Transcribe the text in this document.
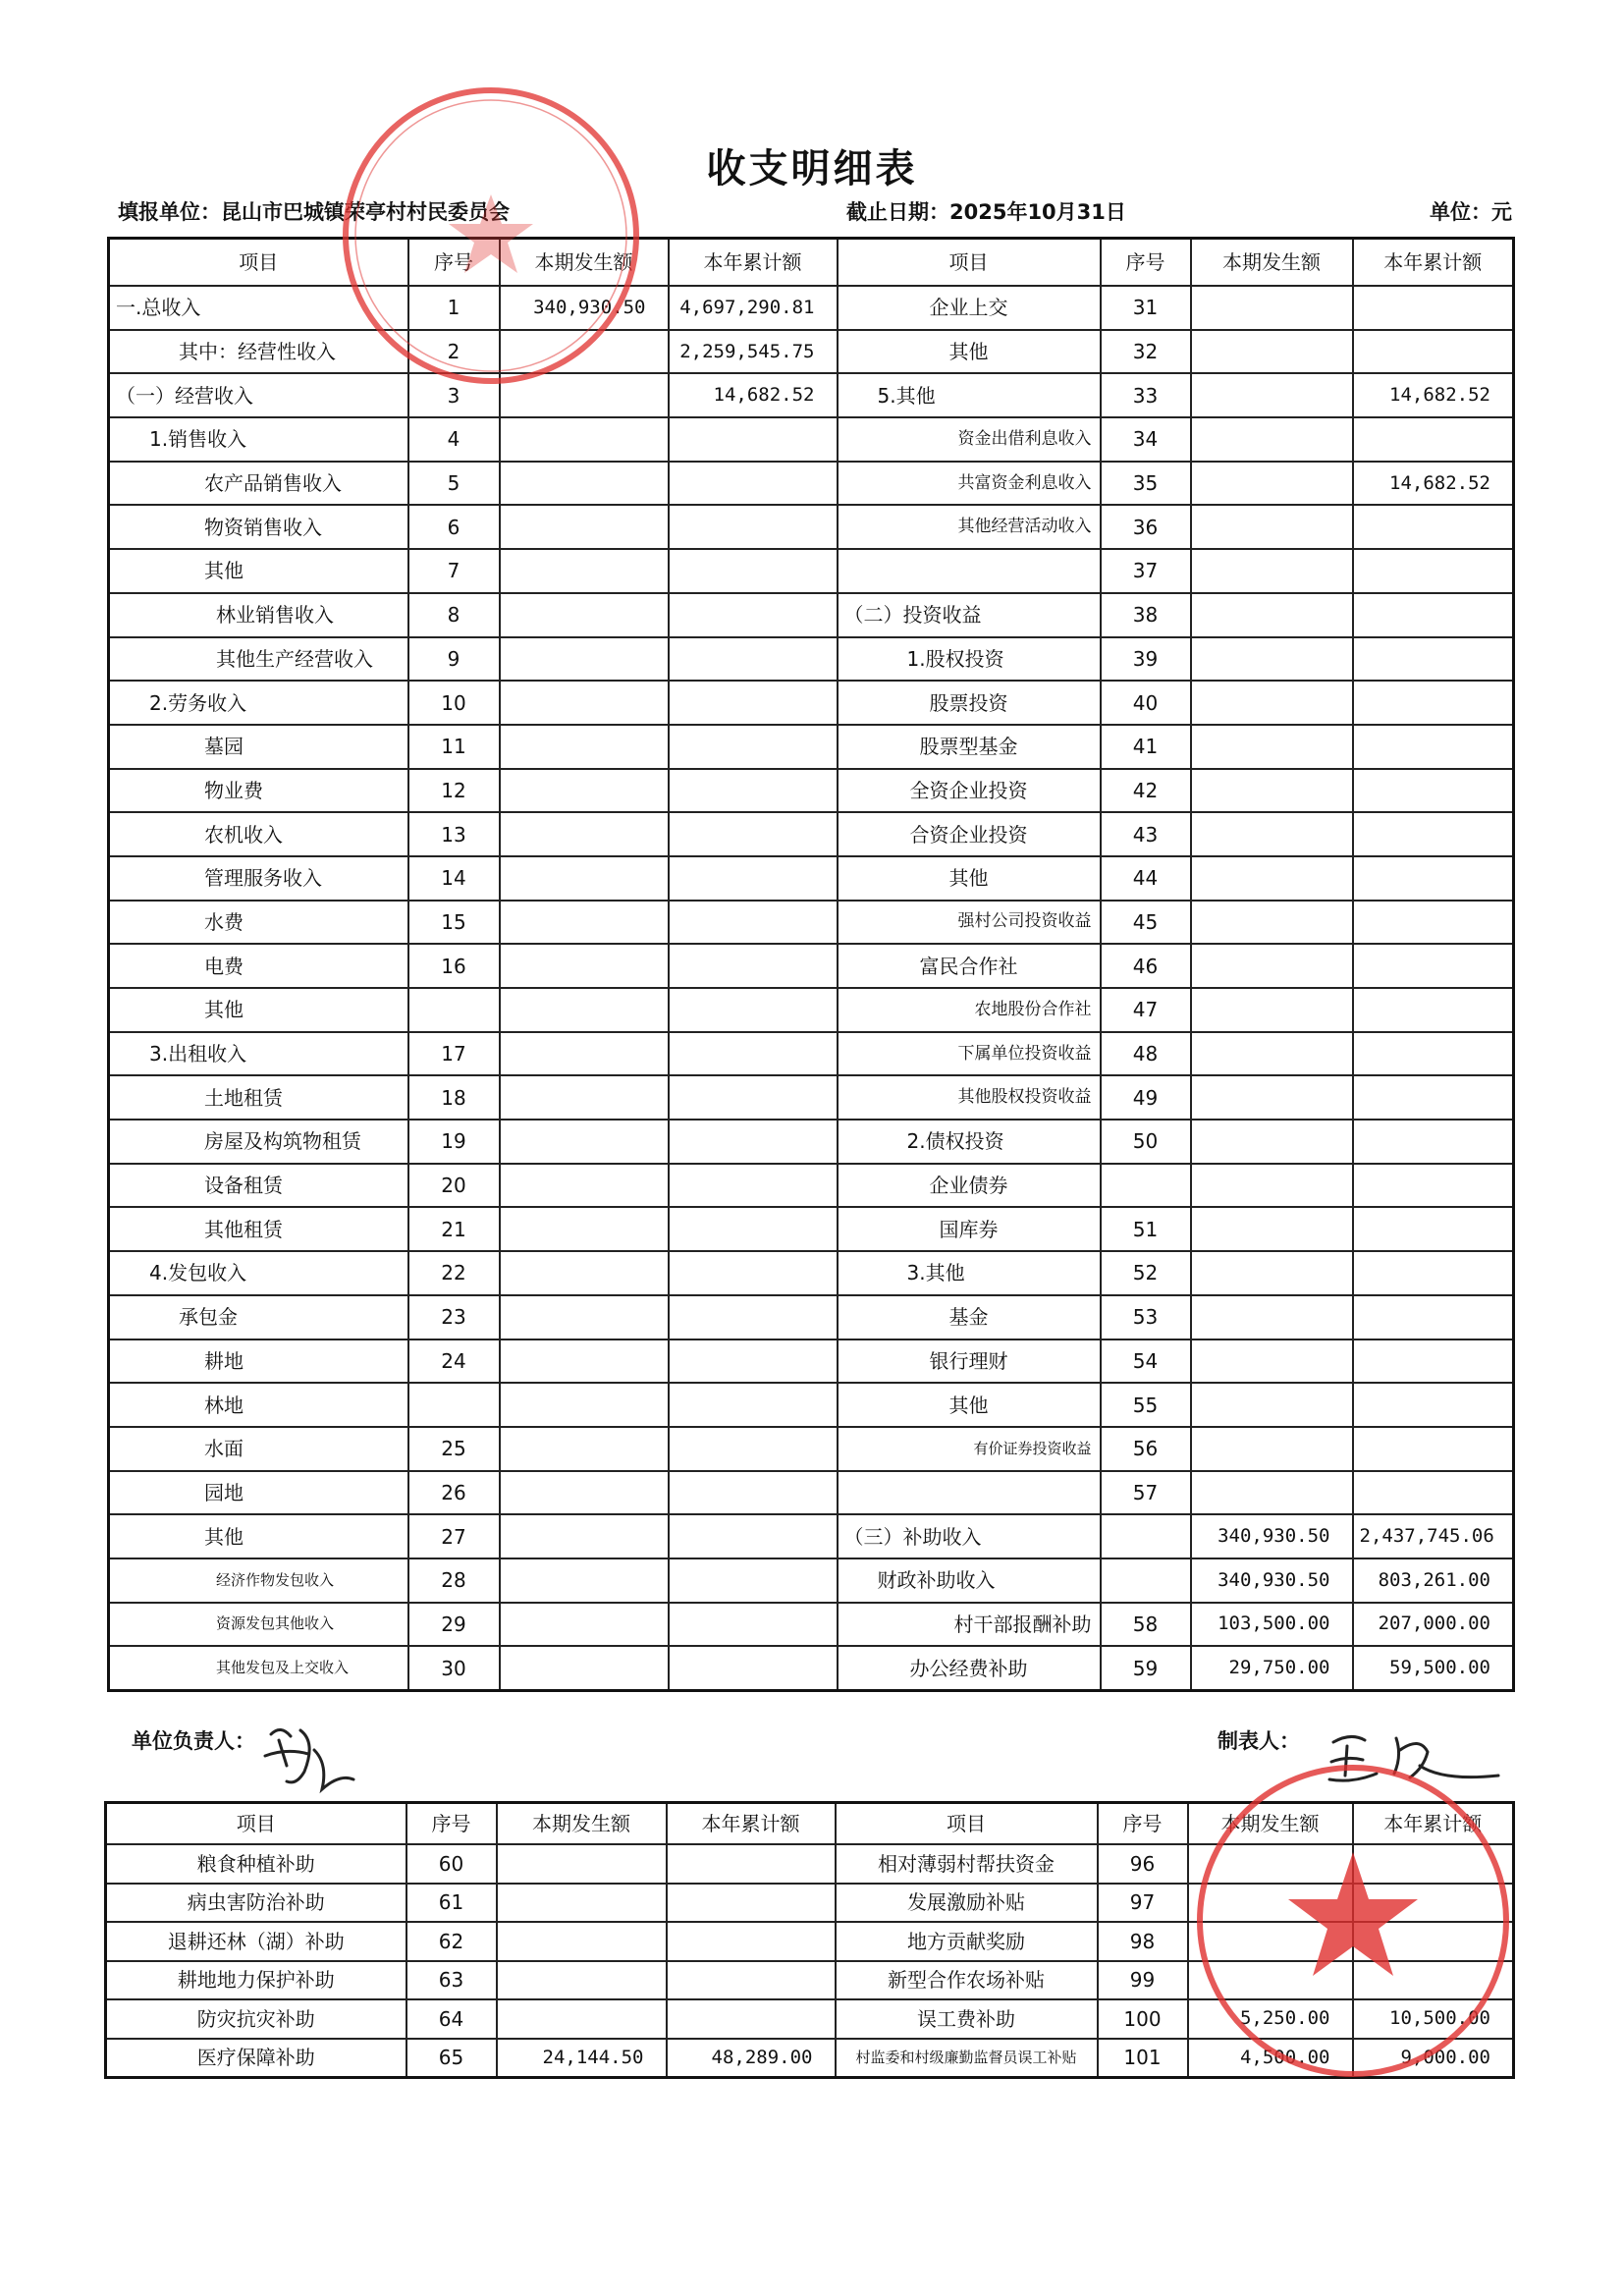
收支明细表
填报单位：昆山市巴城镇荣亭村村民委员会	截止日期：2025年10月31日	单位：元
项目	序号	本期发生额	本年累计额	项目	序号	本期发生额	本年累计额
一.总收入	1	340,930.50	4,697,290.81	企业上交	31		
其中：经营性收入	2		2,259,545.75	其他	32		
（一）经营收入	3		14,682.52	5.其他	33		14,682.52
1.销售收入	4			资金出借利息收入	34		
农产品销售收入	5			共富资金利息收入	35		14,682.52
物资销售收入	6			其他经营活动收入	36		
其他	7				37		
林业销售收入	8			（二）投资收益	38		
其他生产经营收入	9			1.股权投资	39		
2.劳务收入	10			股票投资	40		
墓园	11			股票型基金	41		
物业费	12			全资企业投资	42		
农机收入	13			合资企业投资	43		
管理服务收入	14			其他	44		
水费	15			强村公司投资收益	45		
电费	16			富民合作社	46		
其他				农地股份合作社	47		
3.出租收入	17			下属单位投资收益	48		
土地租赁	18			其他股权投资收益	49		
房屋及构筑物租赁	19			2.债权投资	50		
设备租赁	20			企业债券			
其他租赁	21			国库券	51		
4.发包收入	22			3.其他	52		
承包金	23			基金	53		
耕地	24			银行理财	54		
林地				其他	55		
水面	25			有价证券投资收益	56		
园地	26				57		
其他	27			（三）补助收入		340,930.50	2,437,745.06
经济作物发包收入	28			财政补助收入		340,930.50	803,261.00
资源发包其他收入	29			村干部报酬补助	58	103,500.00	207,000.00
其他发包及上交收入	30			办公经费补助	59	29,750.00	59,500.00
单位负责人：	制表人：
项目	序号	本期发生额	本年累计额	项目	序号	本期发生额	本年累计额
粮食种植补助	60			相对薄弱村帮扶资金	96		
病虫害防治补助	61			发展激励补贴	97		
退耕还林（湖）补助	62			地方贡献奖励	98		
耕地地力保护补助	63			新型合作农场补贴	99		
防灾抗灾补助	64			误工费补助	100	5,250.00	10,500.00
医疗保障补助	65	24,144.50	48,289.00	村监委和村级廉勤监督员误工补贴	101	4,500.00	9,000.00
